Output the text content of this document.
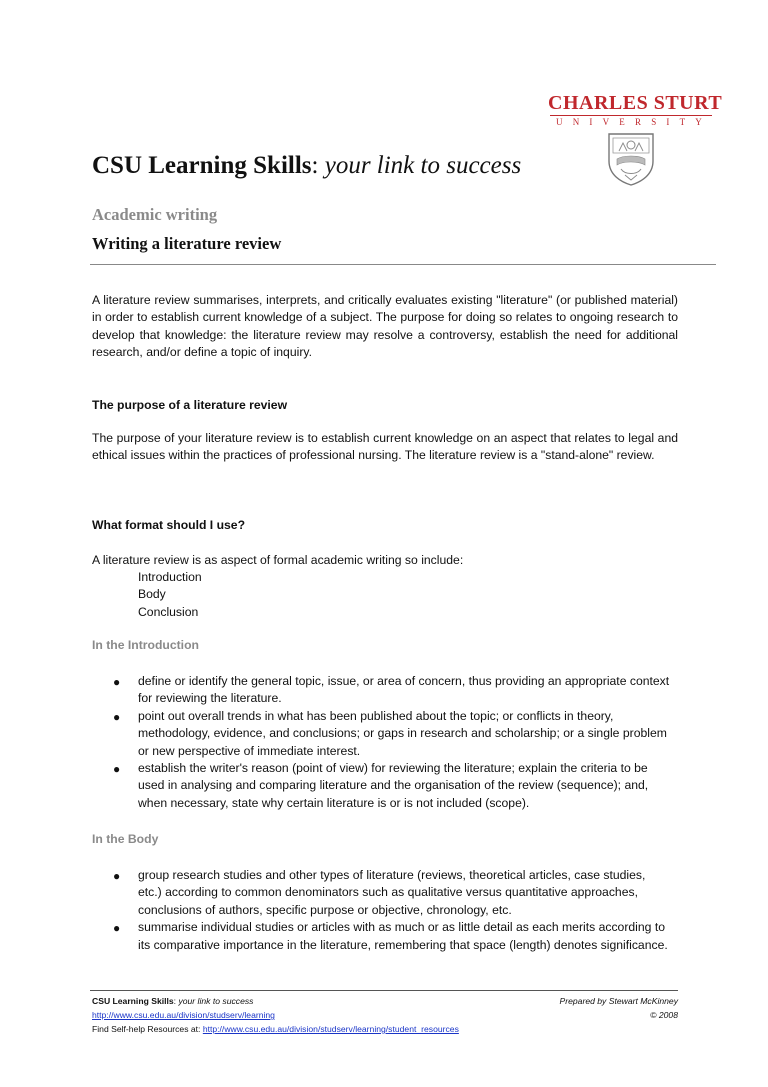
CHARLES STURT
UNIVERSITY
CSU Learning Skills: your link to success
Academic writing
Writing a literature review
A literature review summarises, interprets, and critically evaluates existing "literature" (or published material) in order to establish current knowledge of a subject. The purpose for doing so relates to ongoing research to develop that knowledge: the literature review may resolve a controversy, establish the need for additional research, and/or define a topic of inquiry.
The purpose of a literature review
The purpose of your literature review is to establish current knowledge on an aspect that relates to legal and ethical issues within the practices of professional nursing. The literature review is a "stand-alone" review.
What format should I use?
A literature review is as aspect of formal academic writing so include:
Introduction
Body
Conclusion
In the Introduction
● define or identify the general topic, issue, or area of concern, thus providing an appropriate context for reviewing the literature.
● point out overall trends in what has been published about the topic; or conflicts in theory, methodology, evidence, and conclusions; or gaps in research and scholarship; or a single problem or new perspective of immediate interest.
● establish the writer's reason (point of view) for reviewing the literature; explain the criteria to be used in analysing and comparing literature and the organisation of the review (sequence); and, when necessary, state why certain literature is or is not included (scope).
In the Body
● group research studies and other types of literature (reviews, theoretical articles, case studies, etc.) according to common denominators such as qualitative versus quantitative approaches, conclusions of authors, specific purpose or objective, chronology, etc.
● summarise individual studies or articles with as much or as little detail as each merits according to its comparative importance in the literature, remembering that space (length) denotes significance.
CSU Learning Skills: your link to success	Prepared by Stewart McKinney
http://www.csu.edu.au/division/studserv/learning	© 2008
Find Self-help Resources at: http://www.csu.edu.au/division/studserv/learning/student_resources
